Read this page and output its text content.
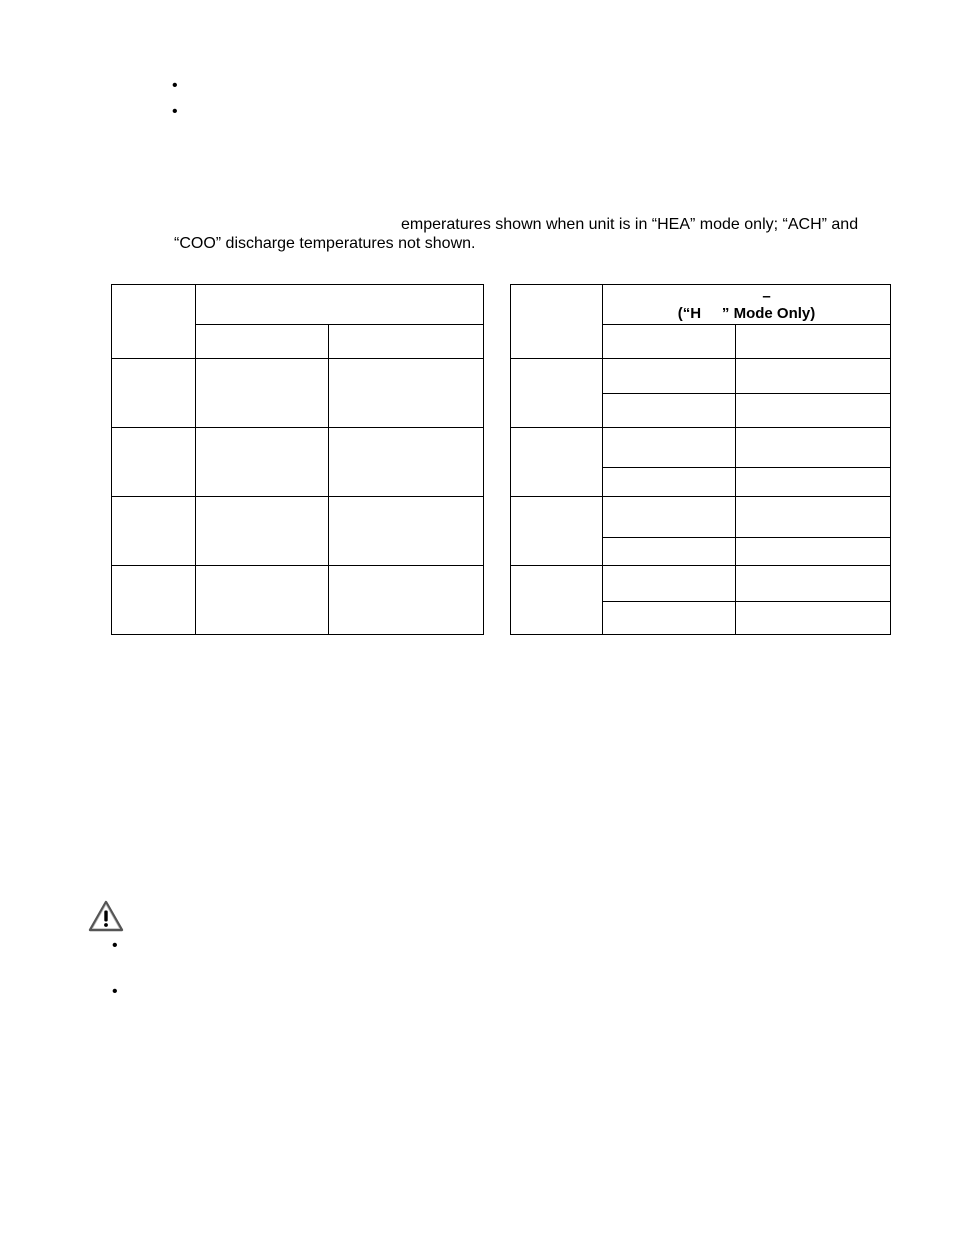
•
•
emperatures shown when unit is in “HEA” mode only; “ACH” and
“COO” discharge temperatures not shown.

	–
(“H     ” Mode Only)	

•
•
